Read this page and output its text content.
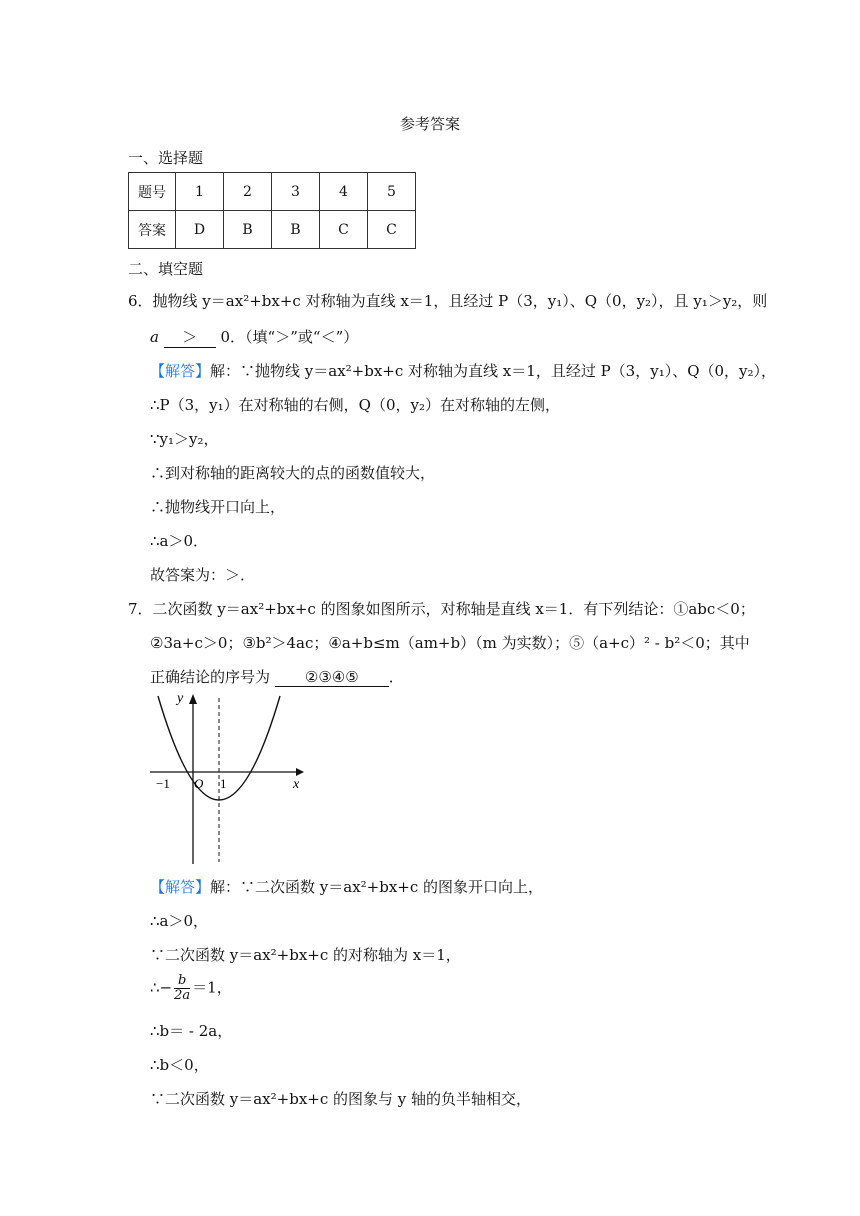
参考答案
一、选择题
题号	1	2	3	4	5
答案	D	B	B	C	C
二、填空题
6．抛物线 y＝ax²+bx+c 对称轴为直线 x＝1，且经过 P（3，y₁）、Q（0，y₂），且 y₁＞y₂，则
a ＞ 0．（填“＞”或“＜”）
【解答】解：∵抛物线 y＝ax²+bx+c 对称轴为直线 x＝1，且经过 P（3，y₁）、Q（0，y₂），
∴P（3，y₁）在对称轴的右侧，Q（0，y₂）在对称轴的左侧，
∵y₁＞y₂，
∴到对称轴的距离较大的点的函数值较大，
∴抛物线开口向上，
∴a＞0．
故答案为：＞．
7．二次函数 y＝ax²+bx+c 的图象如图所示，对称轴是直线 x＝1．有下列结论：①abc＜0；
②3a+c＞0；③b²＞4ac；④a+b≤m（am+b）（m 为实数）；⑤（a+c）² - b²＜0；其中
正确结论的序号为 ②③④⑤ ．
y
x
O
−1	1
【解答】解：∵二次函数 y＝ax²+bx+c 的图象开口向上，
∴a＞0，
∵二次函数 y＝ax²+bx+c 的对称轴为 x＝1，
∴− $\frac{b}{2a} =1$，
∴b＝ - 2a，
∴b＜0，
∵二次函数 y＝ax²+bx+c 的图象与 y 轴的负半轴相交，
